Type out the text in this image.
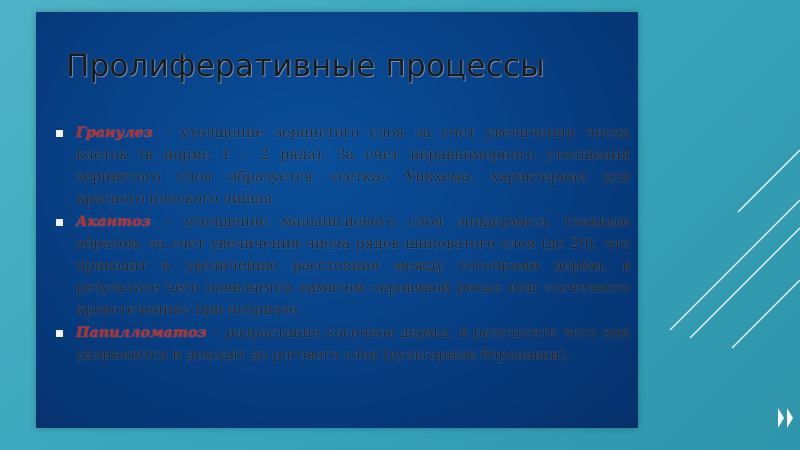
Пролиферативные процессы
Гранулез – утолщение зернистого слоя за счет увеличения числа клеток (в норме 1 – 2 ряда). За счет неравномерного утолщения зернистого слоя образуется «сетка» Уикхема, характерная для красного плоского лишая.
Акантоз – утолщение мальпигиевого слоя эпидермиса, главным образом, за счет увеличения числа рядов шиповатого слоя (до 20), что приводит к увеличению расстояния между сосочками дермы, в результате чего появляется симптом «кровяной росы» или «точечного кровотечения» при псориазе.
Папилломатоз – разрастание сосочков дермы, в результате чего они удлиняются и доходят до рогового слоя (вульгарные бородавки).
